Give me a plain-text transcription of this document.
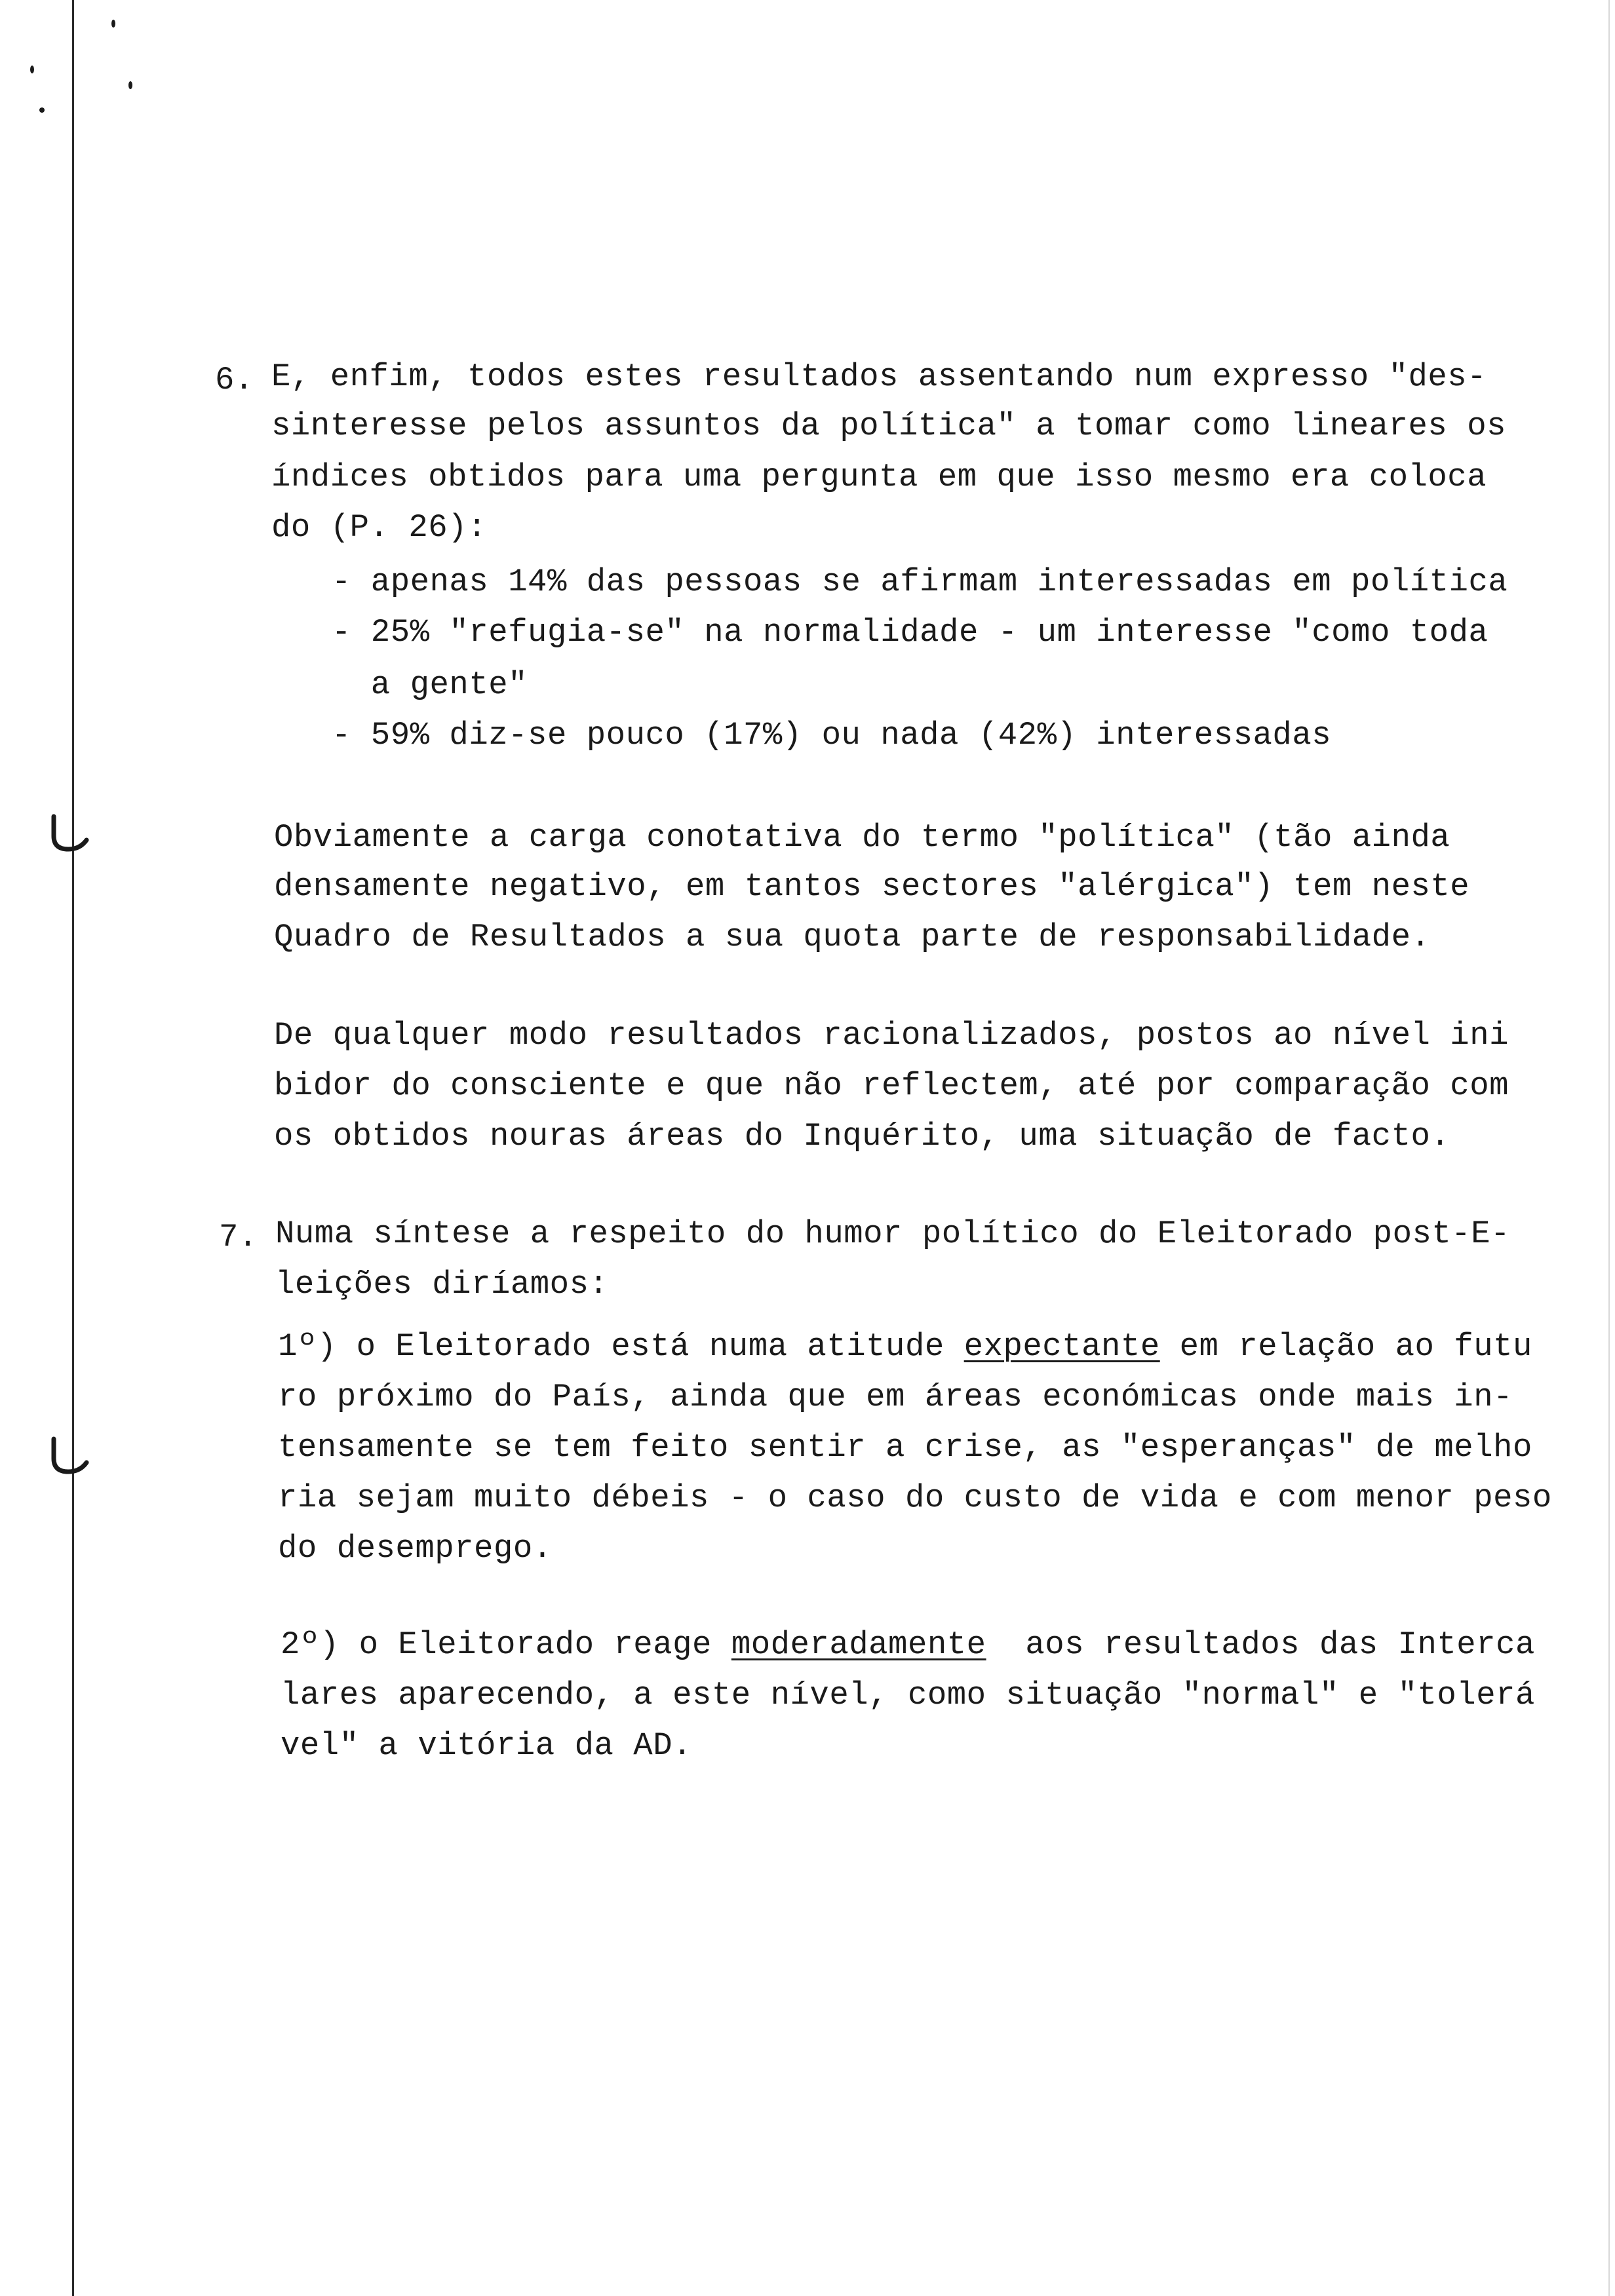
6. E, enfim, todos estes resultados assentando num expresso "des-
sinteresse pelos assuntos da política" a tomar como lineares os
índices obtidos para uma pergunta em que isso mesmo era coloca
do (P. 26):
- apenas 14% das pessoas se afirmam interessadas em política
- 25% "refugia-se" na normalidade - um interesse "como toda
a gente"
- 59% diz-se pouco (17%) ou nada (42%) interessadas
Obviamente a carga conotativa do termo "política" (tão ainda
densamente negativo, em tantos sectores "alérgica") tem neste
Quadro de Resultados a sua quota parte de responsabilidade.
De qualquer modo resultados racionalizados, postos ao nível ini
bidor do consciente e que não reflectem, até por comparação com
os obtidos nouras áreas do Inquérito, uma situação de facto.
7. Numa síntese a respeito do humor político do Eleitorado post-E-
leições diríamos:
1º) o Eleitorado está numa atitude expectante em relação ao futu
ro próximo do País, ainda que em áreas económicas onde mais in-
tensamente se tem feito sentir a crise, as "esperanças" de melho
ria sejam muito débeis - o caso do custo de vida e com menor peso
do desemprego.
2º) o Eleitorado reage moderadamente  aos resultados das Interca
lares aparecendo, a este nível, como situação "normal" e "tolerá
vel" a vitória da AD.
